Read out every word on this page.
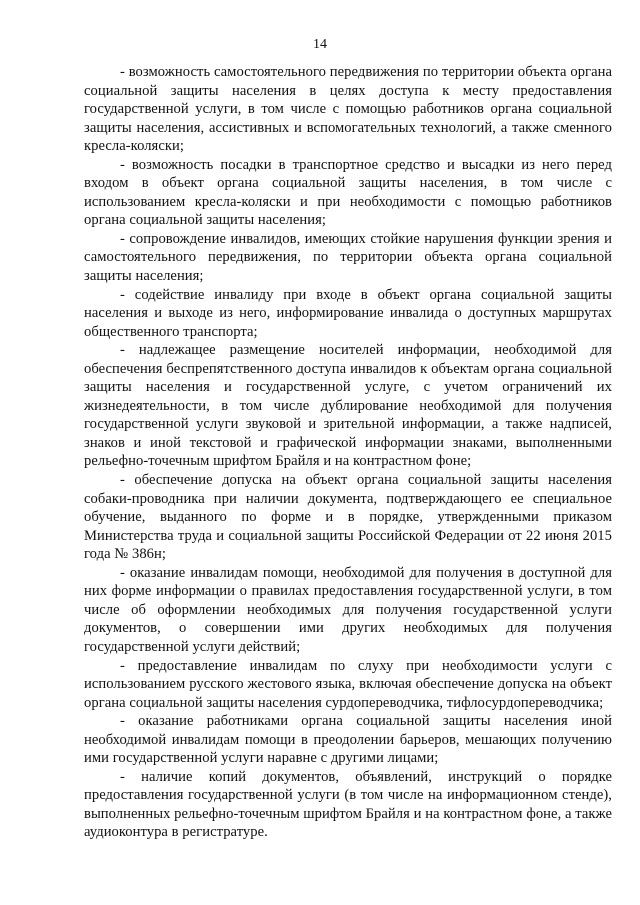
14

- возможность самостоятельного передвижения по территории объекта органа социальной защиты населения в целях доступа к месту предоставления государственной услуги, в том числе с помощью работников органа социальной защиты населения, ассистивных и вспомогательных технологий, а также сменного кресла-коляски;

- возможность посадки в транспортное средство и высадки из него перед входом в объект органа социальной защиты населения, в том числе с использованием кресла-коляски и при необходимости с помощью работников органа социальной защиты населения;

- сопровождение инвалидов, имеющих стойкие нарушения функции зрения и самостоятельного передвижения, по территории объекта органа социальной защиты населения;

- содействие инвалиду при входе в объект органа социальной защиты населения и выходе из него, информирование инвалида о доступных маршрутах общественного транспорта;

- надлежащее размещение носителей информации, необходимой для обеспечения беспрепятственного доступа инвалидов к объектам органа социальной защиты населения и государственной услуге, с учетом ограничений их жизнедеятельности, в том числе дублирование необходимой для получения государственной услуги звуковой и зрительной информации, а также надписей, знаков и иной текстовой и графической информации знаками, выполненными рельефно-точечным шрифтом Брайля и на контрастном фоне;

- обеспечение допуска на объект органа социальной защиты населения собаки-проводника при наличии документа, подтверждающего ее специальное обучение, выданного по форме и в порядке, утвержденными приказом Министерства труда и социальной защиты Российской Федерации от 22 июня 2015 года № 386н;

- оказание инвалидам помощи, необходимой для получения в доступной для них форме информации о правилах предоставления государственной услуги, в том числе об оформлении необходимых для получения государственной услуги документов, о совершении ими других необходимых для получения государственной услуги действий;

- предоставление инвалидам по слуху при необходимости услуги с использованием русского жестового языка, включая обеспечение допуска на объект органа социальной защиты населения сурдопереводчика, тифлосурдопереводчика;

- оказание работниками органа социальной защиты населения иной необходимой инвалидам помощи в преодолении барьеров, мешающих получению ими государственной услуги наравне с другими лицами;

- наличие копий документов, объявлений, инструкций о порядке предоставления государственной услуги (в том числе на информационном стенде), выполненных рельефно-точечным шрифтом Брайля и на контрастном фоне, а также аудиоконтура в регистратуре.
